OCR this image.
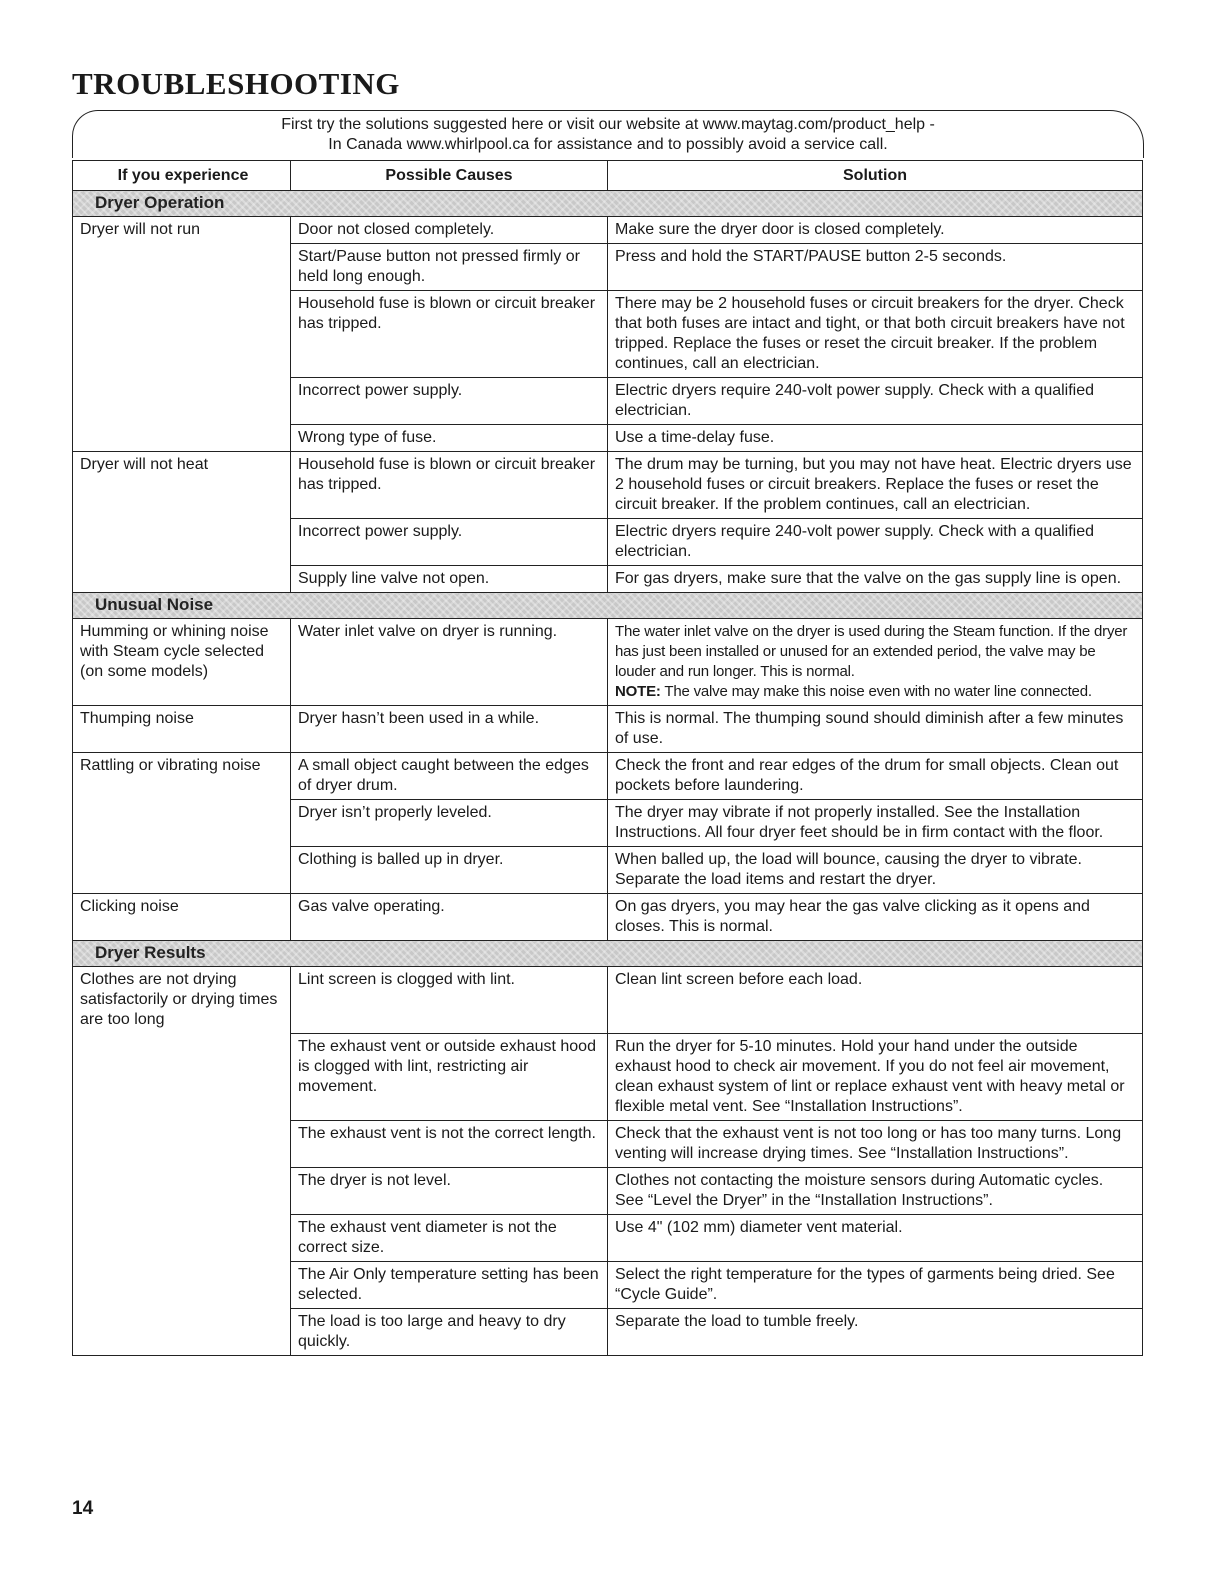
TROUBLESHOOTING
First try the solutions suggested here or visit our website at www.maytag.com/product_help -
In Canada www.whirlpool.ca for assistance and to possibly avoid a service call.
If you experience	Possible Causes	Solution
Dryer Operation		
Dryer will not run	Door not closed completely.	Make sure the dryer door is closed completely.
	Start/Pause button not pressed firmly or held long enough.	Press and hold the START/PAUSE button 2-5 seconds.
	Household fuse is blown or circuit breaker has tripped.	There may be 2 household fuses or circuit breakers for the dryer. Check that both fuses are intact and tight, or that both circuit breakers have not tripped. Replace the fuses or reset the circuit breaker. If the problem continues, call an electrician.
	Incorrect power supply.	Electric dryers require 240-volt power supply. Check with a qualified electrician.
	Wrong type of fuse.	Use a time-delay fuse.
Dryer will not heat	Household fuse is blown or circuit breaker has tripped.	The drum may be turning, but you may not have heat. Electric dryers use 2 household fuses or circuit breakers. Replace the fuses or reset the circuit breaker. If the problem continues, call an electrician.
	Incorrect power supply.	Electric dryers require 240-volt power supply. Check with a qualified electrician.
	Supply line valve not open.	For gas dryers, make sure that the valve on the gas supply line is open.
Unusual Noise		
Humming or whining noise with Steam cycle selected (on some models)	Water inlet valve on dryer is running.	The water inlet valve on the dryer is used during the Steam function. If the dryer has just been installed or unused for an extended period, the valve may be louder and run longer. This is normal.
NOTE: The valve may make this noise even with no water line connected.
Thumping noise	Dryer hasn’t been used in a while.	This is normal. The thumping sound should diminish after a few minutes of use.
Rattling or vibrating noise	A small object caught between the edges of dryer drum.	Check the front and rear edges of the drum for small objects. Clean out pockets before laundering.
	Dryer isn’t properly leveled.	The dryer may vibrate if not properly installed. See the Installation Instructions. All four dryer feet should be in firm contact with the floor.
	Clothing is balled up in dryer.	When balled up, the load will bounce, causing the dryer to vibrate. Separate the load items and restart the dryer.
Clicking noise	Gas valve operating.	On gas dryers, you may hear the gas valve clicking as it opens and closes. This is normal.
Dryer Results		
Clothes are not drying satisfactorily or drying times are too long	Lint screen is clogged with lint.	Clean lint screen before each load.
	The exhaust vent or outside exhaust hood is clogged with lint, restricting air movement.	Run the dryer for 5-10 minutes. Hold your hand under the outside exhaust hood to check air movement. If you do not feel air movement, clean exhaust system of lint or replace exhaust vent with heavy metal or flexible metal vent. See “Installation Instructions”.
	The exhaust vent is not the correct length.	Check that the exhaust vent is not too long or has too many turns. Long venting will increase drying times. See “Installation Instructions”.
	The dryer is not level.	Clothes not contacting the moisture sensors during Automatic cycles. See “Level the Dryer” in the “Installation Instructions”.
	The exhaust vent diameter is not the correct size.	Use 4" (102 mm) diameter vent material.
	The Air Only temperature setting has been selected.	Select the right temperature for the types of garments being dried. See “Cycle Guide”.
	The load is too large and heavy to dry quickly.	Separate the load to tumble freely.
14
